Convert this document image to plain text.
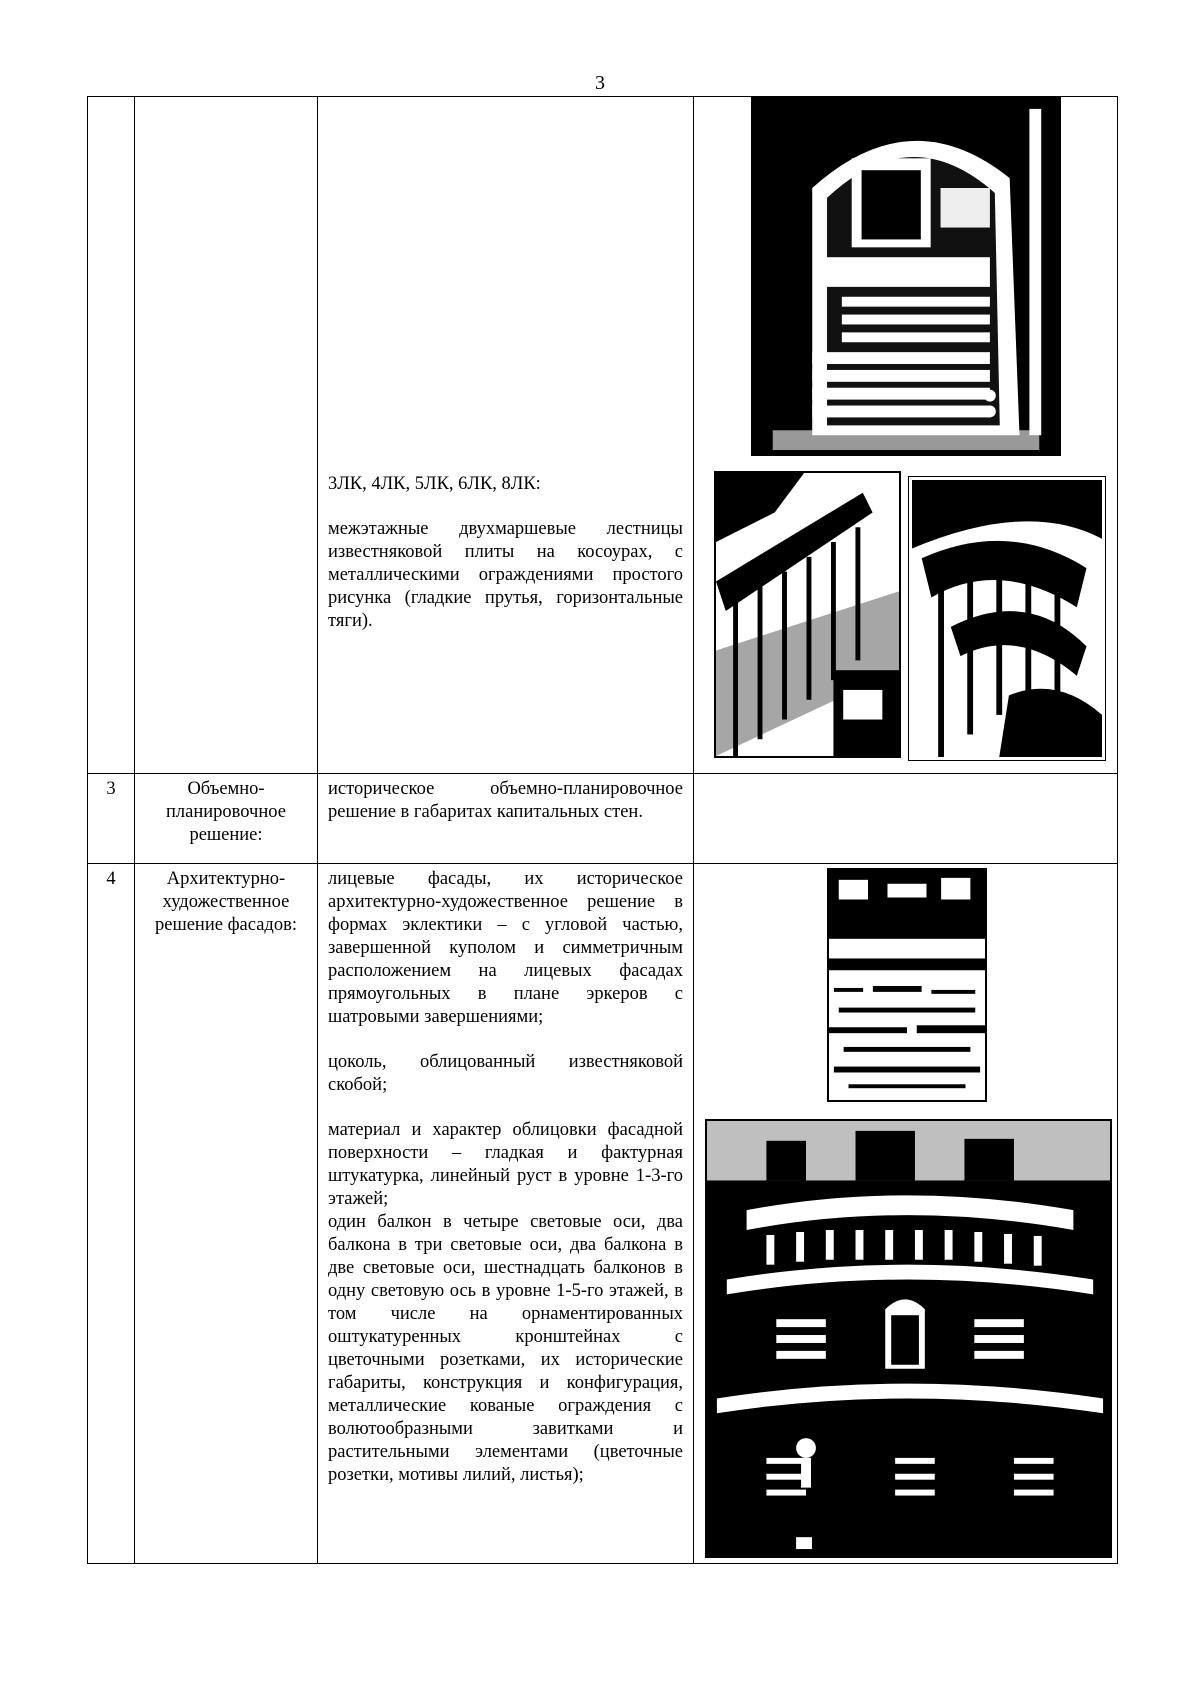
3

		3ЛК, 4ЛК, 5ЛК, 6ЛК, 8ЛК:

межэтажные двухмаршевые лестницы известняковой плиты на косоурах, с металлическими ограждениями простого рисунка (гладкие прутья, горизонтальные тяги).

3	Объемно-планировочное решение:	историческое объемно-планировочное решение в габаритах капитальных стен.	

4	Архитектурно-художественное решение фасадов:	лицевые фасады, их историческое архитектурно-художественное решение в формах эклектики – с угловой частью, завершенной куполом и симметричным расположением на лицевых фасадах прямоугольных в плане эркеров с шатровыми завершениями;

цоколь, облицованный известняковой скобой;

материал и характер облицовки фасадной поверхности – гладкая и фактурная штукатурка, линейный руст в уровне 1-3-го этажей;

один балкон в четыре световые оси, два балкона в три световые оси, два балкона в две световые оси, шестнадцать балконов в одну световую ось в уровне 1-5-го этажей, в том числе на орнаментированных оштукатуренных кронштейнах с цветочными розетками, их исторические габариты, конструкция и конфигурация, металлические кованые ограждения с волютообразными завитками и растительными элементами (цветочные розетки, мотивы лилий, листья);
